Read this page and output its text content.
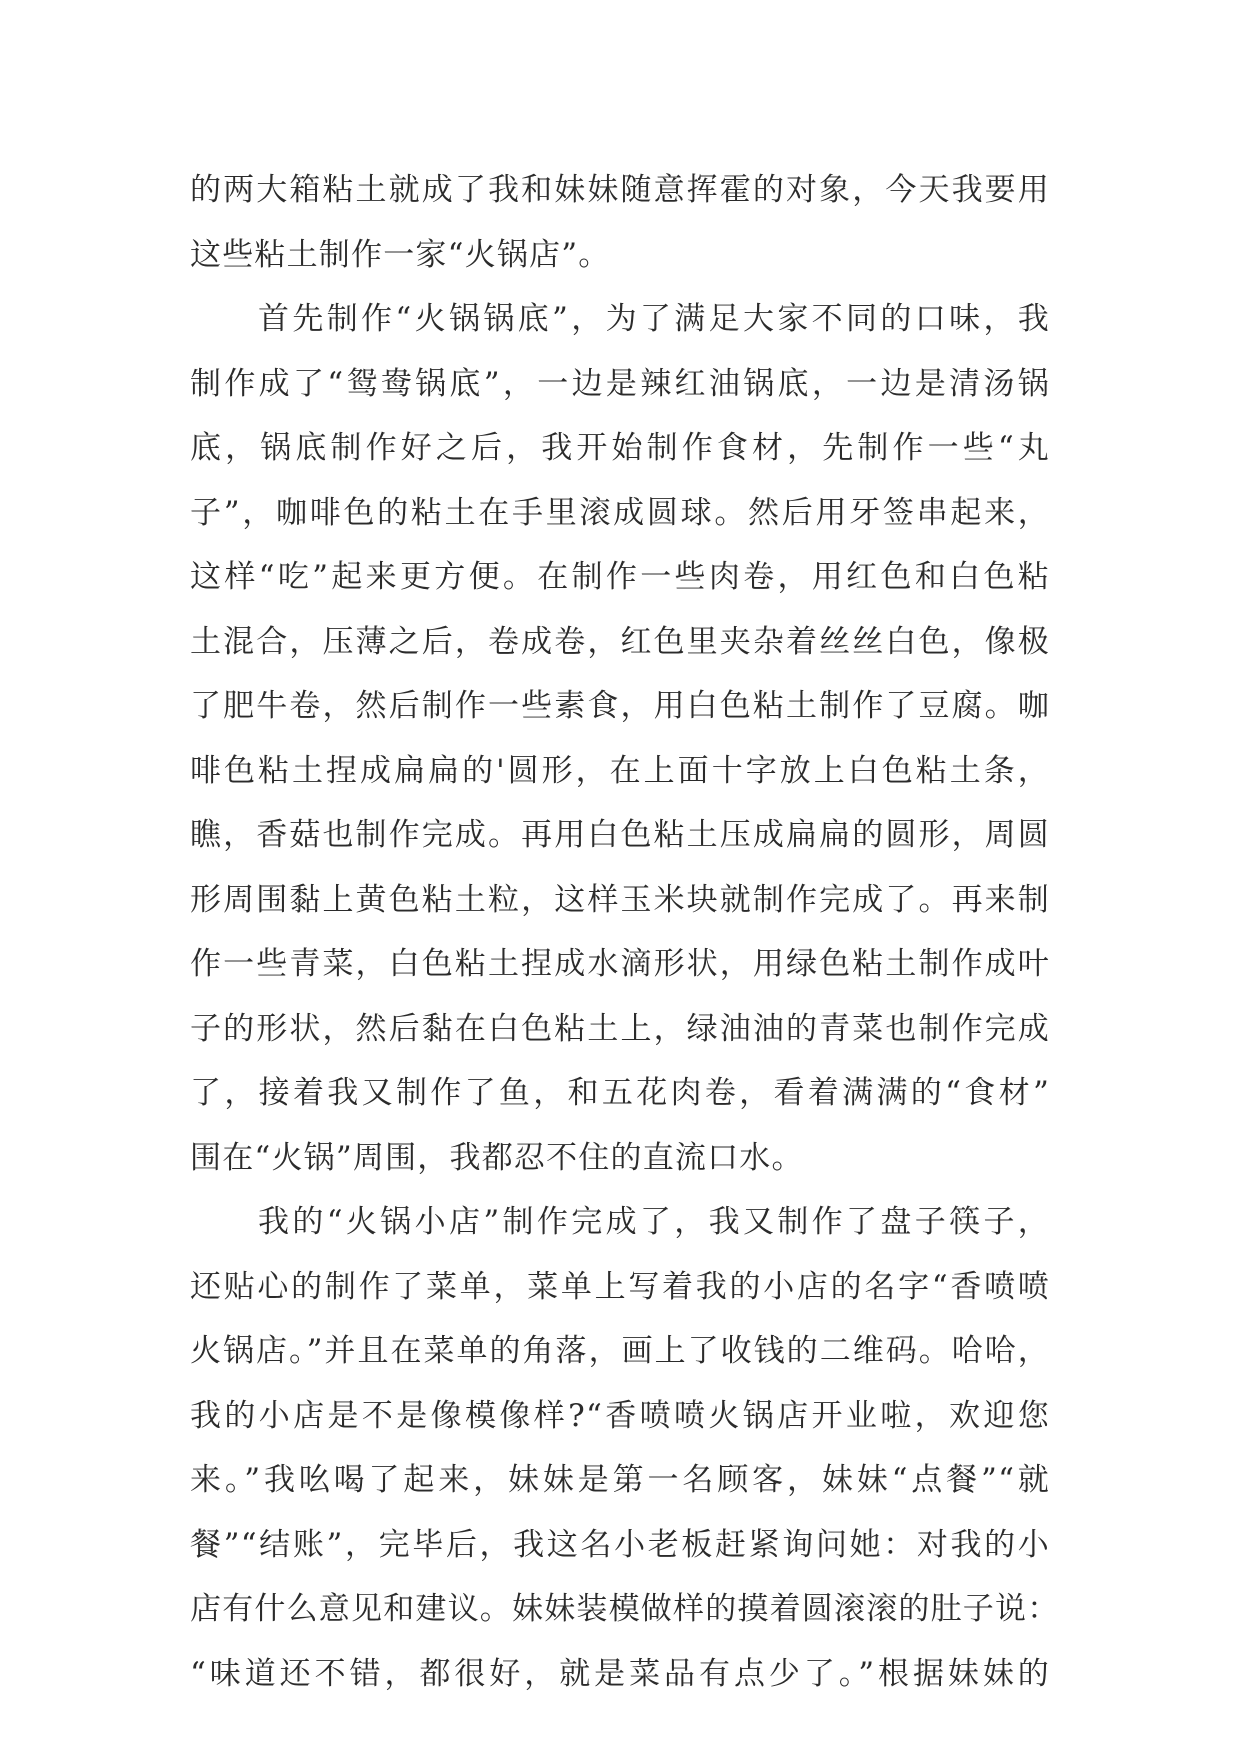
的两大箱粘土就成了我和妹妹随意挥霍的对象，今天我要用
这些粘土制作一家“火锅店”。
首先制作“火锅锅底”，为了满足大家不同的口味，我
制作成了“鸳鸯锅底”，一边是辣红油锅底，一边是清汤锅
底，锅底制作好之后，我开始制作食材，先制作一些“丸
子”，咖啡色的粘土在手里滚成圆球。然后用牙签串起来，
这样“吃”起来更方便。在制作一些肉卷，用红色和白色粘
土混合，压薄之后，卷成卷，红色里夹杂着丝丝白色，像极
了肥牛卷，然后制作一些素食，用白色粘土制作了豆腐。咖
啡色粘土捏成扁扁的'圆形，在上面十字放上白色粘土条，
瞧，香菇也制作完成。再用白色粘土压成扁扁的圆形，周圆
形周围黏上黄色粘土粒，这样玉米块就制作完成了。再来制
作一些青菜，白色粘土捏成水滴形状，用绿色粘土制作成叶
子的形状，然后黏在白色粘土上，绿油油的青菜也制作完成
了，接着我又制作了鱼，和五花肉卷，看着满满的“食材”
围在“火锅”周围，我都忍不住的直流口水。
我的“火锅小店”制作完成了，我又制作了盘子筷子，
还贴心的制作了菜单，菜单上写着我的小店的名字“香喷喷
火锅店。”并且在菜单的角落，画上了收钱的二维码。哈哈，
我的小店是不是像模像样?“香喷喷火锅店开业啦，欢迎您
来。”我吆喝了起来，妹妹是第一名顾客，妹妹“点餐”“就
餐”“结账”，完毕后，我这名小老板赶紧询问她：对我的小
店有什么意见和建议。妹妹装模做样的摸着圆滚滚的肚子说：
“味道还不错，都很好，就是菜品有点少了。”根据妹妹的
